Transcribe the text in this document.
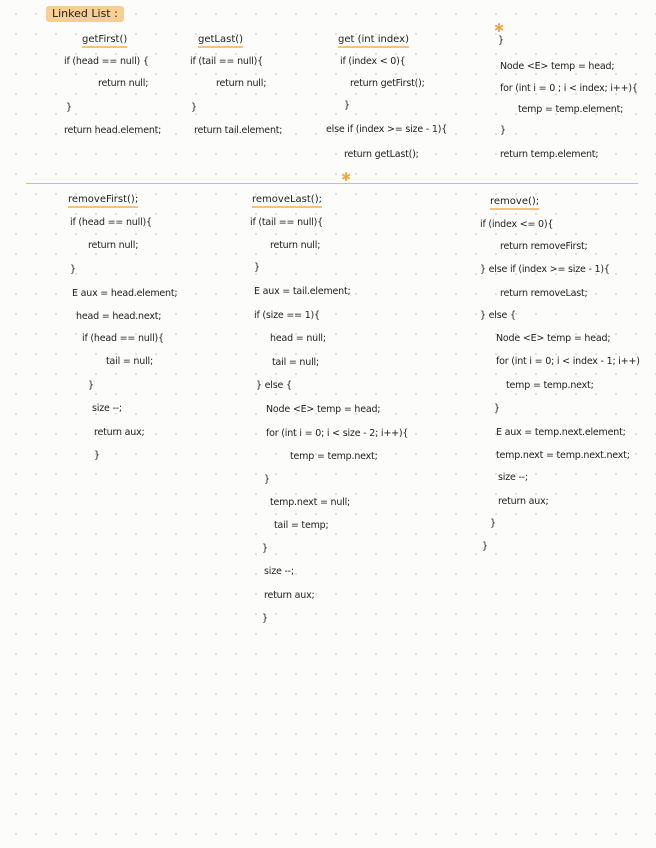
Linked List :
getFirst()
if (head == null) {
return null;
}
return head.element;
getLast()
if (tail == null){
return null;
}
return tail.element;
get (int index)
if (index < 0){
return getFirst();
}
else if (index >= size - 1){
return getLast();
✱
}
Node <E> temp = head;
for (int i = 0 ; i < index; i++){
temp = temp.element;
}
return temp.element;
✱
removeFirst();
if (head == null){
return null;
}
E aux = head.element;
head = head.next;
if (head == null){
tail = null;
}
size --;
return aux;
}
removeLast();
if (tail == null){
return null;
}
E aux = tail.element;
if (size == 1){
head = null;
tail = null;
} else {
Node <E> temp = head;
for (int i = 0; i < size - 2; i++){
temp = temp.next;
}
temp.next = null;
tail = temp;
}
size --;
return aux;
}
remove();
if (index <= 0){
return removeFirst;
} else if (index >= size - 1){
return removeLast;
} else {
Node <E> temp = head;
for (int i = 0; i < index - 1; i++)
temp = temp.next;
}
E aux = temp.next.element;
temp.next = temp.next.next;
size --;
return aux;
}
}
